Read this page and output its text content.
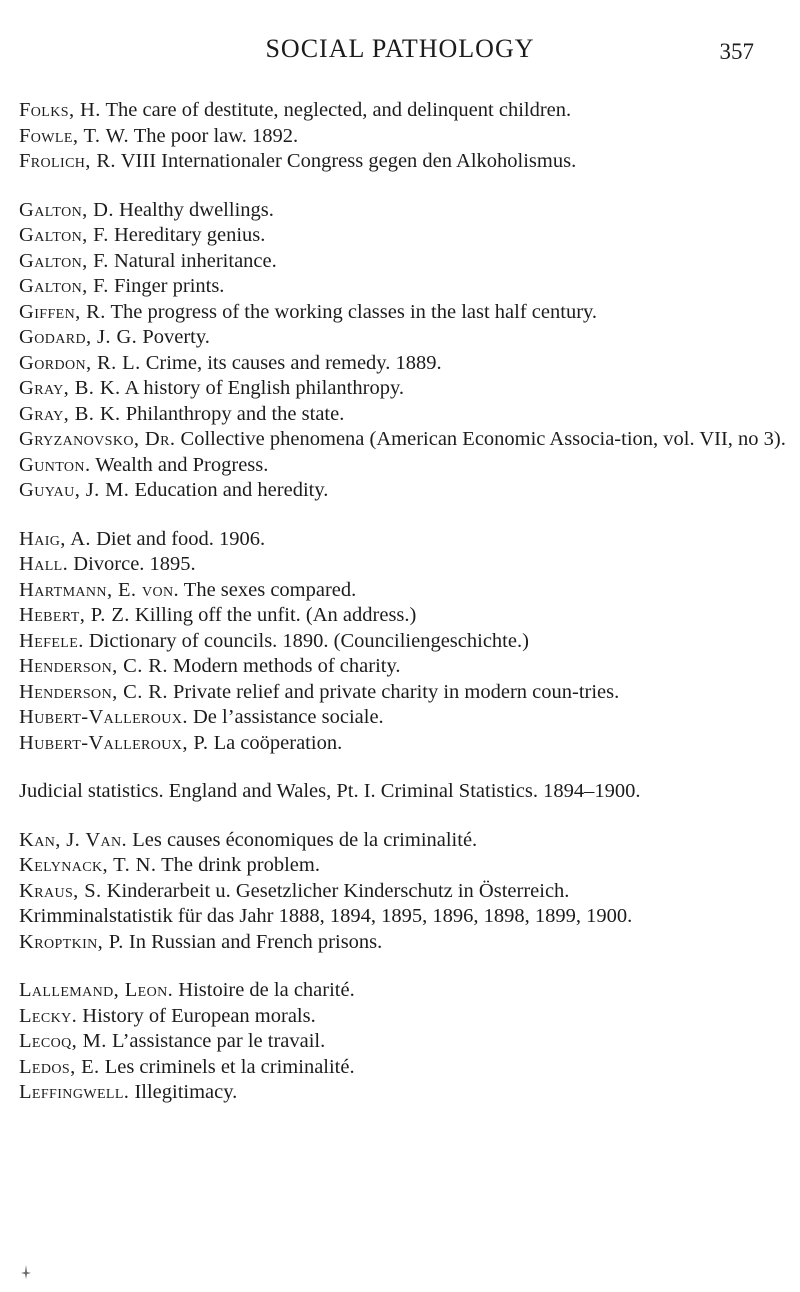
SOCIAL PATHOLOGY	357
Folks, H. The care of destitute, neglected, and delinquent children.
Fowle, T. W. The poor law. 1892.
Frolich, R. VIII Internationaler Congress gegen den Alkoholismus.
Galton, D. Healthy dwellings.
Galton, F. Hereditary genius.
Galton, F. Natural inheritance.
Galton, F. Finger prints.
Giffen, R. The progress of the working classes in the last half century.
Godard, J. G. Poverty.
Gordon, R. L. Crime, its causes and remedy. 1889.
Gray, B. K. A history of English philanthropy.
Gray, B. K. Philanthropy and the state.
Gryzanovsko, Dr. Collective phenomena (American Economic Associa-tion, vol. VII, no 3).
Gunton. Wealth and Progress.
Guyau, J. M. Education and heredity.
Haig, A. Diet and food. 1906.
Hall. Divorce. 1895.
Hartmann, E. von. The sexes compared.
Hebert, P. Z. Killing off the unfit. (An address.)
Hefele. Dictionary of councils. 1890. (Counciliengeschichte.)
Henderson, C. R. Modern methods of charity.
Henderson, C. R. Private relief and private charity in modern coun-tries.
Hubert-Valleroux. De l’assistance sociale.
Hubert-Valleroux, P. La coöperation.
Judicial statistics. England and Wales, Pt. I. Criminal Statistics. 1894–1900.
Kan, J. Van. Les causes économiques de la criminalité.
Kelynack, T. N. The drink problem.
Kraus, S. Kinderarbeit u. Gesetzlicher Kinderschutz in Österreich.
Krimminalstatistik für das Jahr 1888, 1894, 1895, 1896, 1898, 1899, 1900.
Kroptkin, P. In Russian and French prisons.
Lallemand, Leon. Histoire de la charité.
Lecky. History of European morals.
Lecoq, M. L’assistance par le travail.
Ledos, E. Les criminels et la criminalité.
Leffingwell. Illegitimacy.
